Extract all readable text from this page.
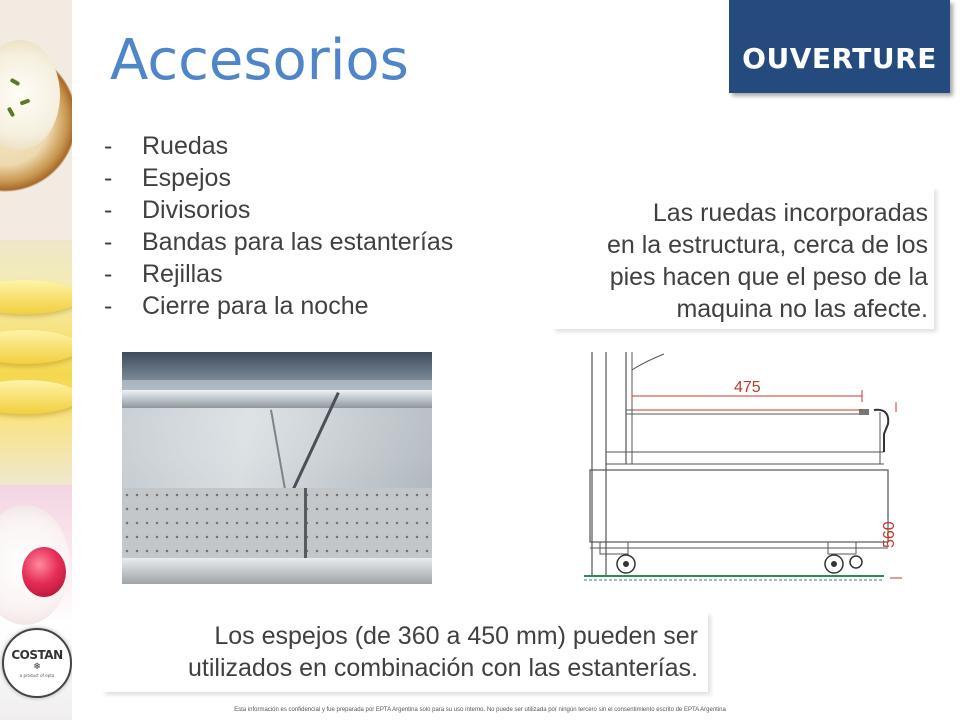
COSTAN
❄
a product of epta
Accesorios	OUVERTURE
- Ruedas
- Espejos
- Divisorios
- Bandas para las estanterías
- Rejillas
- Cierre para la noche

Las ruedas incorporadas
en la estructura, cerca de los
pies hacen que el peso de la
maquina no las afecte.

475
560

Los espejos (de 360 a 450 mm) pueden ser
utilizados en combinación con las estanterías.

Esta información es confidencial y fue preparada por EPTA Argentina solo para su uso interno. No puede ser utilizada por ningún tercero sin el consentimiento escrito de EPTA Argentina
